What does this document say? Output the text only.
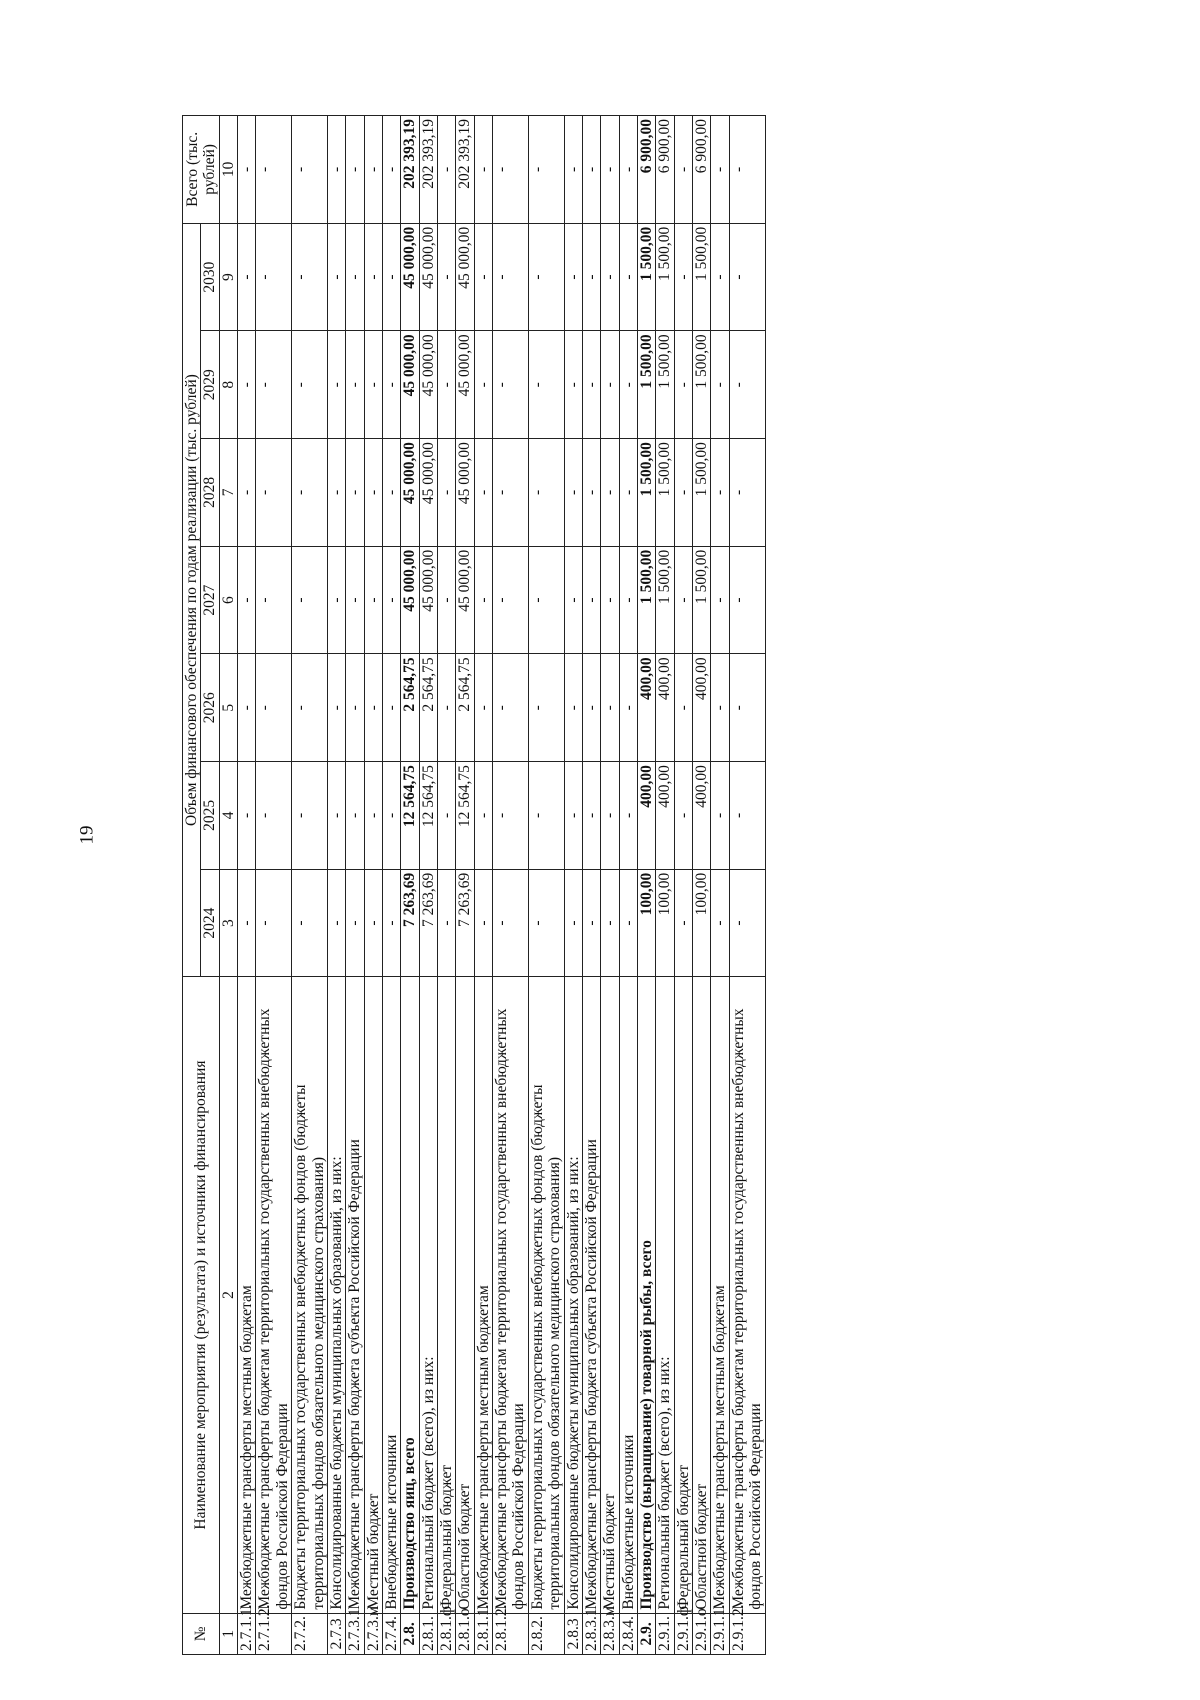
19
№	Наименование мероприятия (результата) и источники финансирования	Объем финансового обеспечения по годам реализации (тыс. рублей)							Всего (тыс. рублей)
		2024	2025	2026	2027	2028	2029	2030	
1	2	3	4	5	6	7	8	9	10
2.7.1.1.	Межбюджетные трансферты местным бюджетам	-	-	-	-	-	-	-	-
2.7.1.2.	Межбюджетные трансферты бюджетам территориальных государственных внебюджетных фондов Российской Федерации	-	-	-	-	-	-	-	-
2.7.2.	Бюджеты территориальных государственных внебюджетных фондов (бюджеты территориальных фондов обязательного медицинского страхования)	-	-	-	-	-	-	-	-
2.7.3	Консолидированные бюджеты муниципальных образований, из них:	-	-	-	-	-	-	-	-
2.7.3.1	Межбюджетные трансферты бюджета субъекта Российской Федерации	-	-	-	-	-	-	-	-
2.7.3.м	Местный бюджет	-	-	-	-	-	-	-	-
2.7.4.	Внебюджетные источники	-	-	-	-	-	-	-	-
2.8.	Производство яиц, всего	7 263,69	12 564,75	2 564,75	45 000,00	45 000,00	45 000,00	45 000,00	202 393,19
2.8.1.	Региональный бюджет (всего), из них:	7 263,69	12 564,75	2 564,75	45 000,00	45 000,00	45 000,00	45 000,00	202 393,19
2.8.1.ф	Федеральный бюджет	-	-	-	-	-	-	-	-
2.8.1.о	Областной бюджет	7 263,69	12 564,75	2 564,75	45 000,00	45 000,00	45 000,00	45 000,00	202 393,19
2.8.1.1.	Межбюджетные трансферты местным бюджетам	-	-	-	-	-	-	-	-
2.8.1.2.	Межбюджетные трансферты бюджетам территориальных государственных внебюджетных фондов Российской Федерации	-	-	-	-	-	-	-	-
2.8.2.	Бюджеты территориальных государственных внебюджетных фондов (бюджеты территориальных фондов обязательного медицинского страхования)	-	-	-	-	-	-	-	-
2.8.3	Консолидированные бюджеты муниципальных образований, из них:	-	-	-	-	-	-	-	-
2.8.3.1	Межбюджетные трансферты бюджета субъекта Российской Федерации	-	-	-	-	-	-	-	-
2.8.3.м	Местный бюджет	-	-	-	-	-	-	-	-
2.8.4.	Внебюджетные источники	-	-	-	-	-	-	-	-
2.9.	Производство (выращивание) товарной рыбы, всего	100,00	400,00	400,00	1 500,00	1 500,00	1 500,00	1 500,00	6 900,00
2.9.1.	Региональный бюджет (всего), из них:	100,00	400,00	400,00	1 500,00	1 500,00	1 500,00	1 500,00	6 900,00
2.9.1.ф	Федеральный бюджет	-	-	-	-	-	-	-	-
2.9.1.о	Областной бюджет	100,00	400,00	400,00	1 500,00	1 500,00	1 500,00	1 500,00	6 900,00
2.9.1.1.	Межбюджетные трансферты местным бюджетам	-	-	-	-	-	-	-	-
2.9.1.2.	Межбюджетные трансферты бюджетам территориальных государственных внебюджетных фондов Российской Федерации	-	-	-	-	-	-	-	-
